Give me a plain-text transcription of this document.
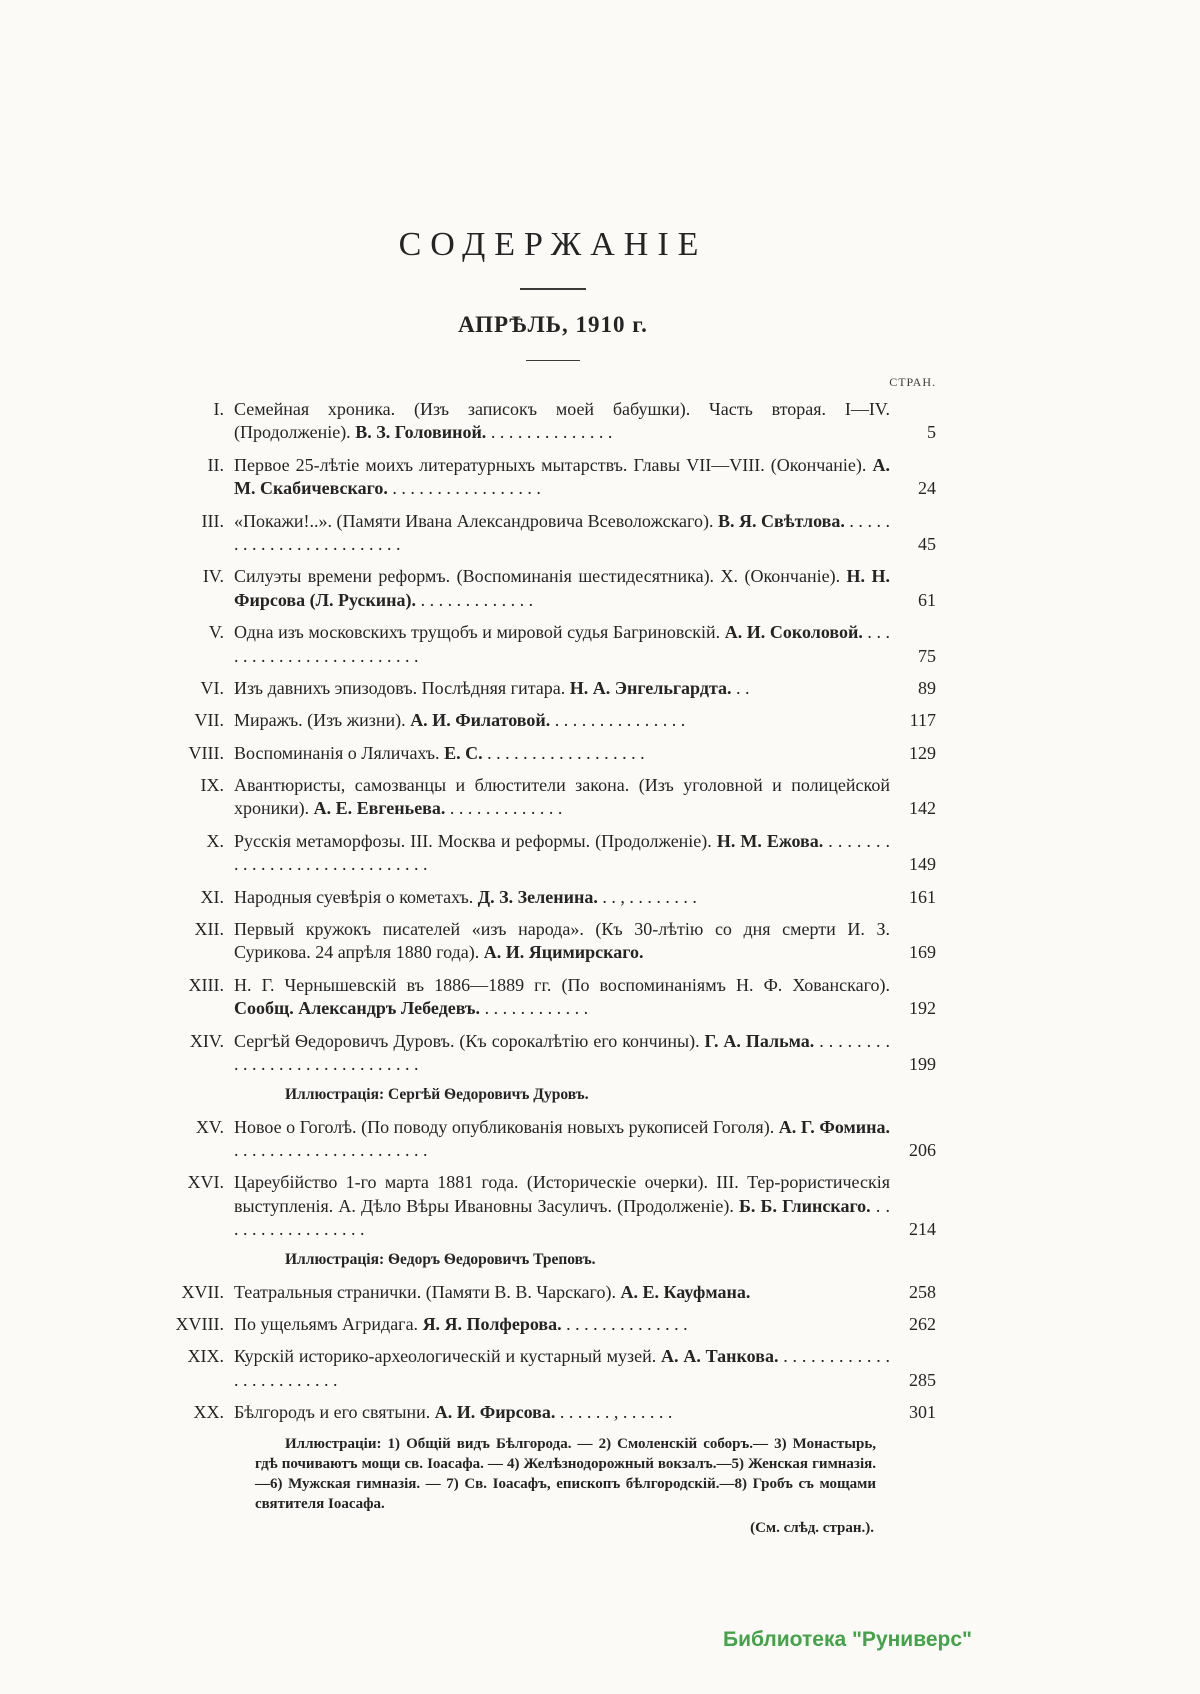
СОДЕРЖАНІЕ
АПРѢЛЬ, 1910 г.
СТРАН.
I. Семейная хроника. (Изъ записокъ моей бабушки). Часть вторая. I—IV. (Продолженіе). В. З. Головиной. . . . . . . . . . . . . . .	5
II. Первое 25-лѣтіе моихъ литературныхъ мытарствъ. Главы VII—VIII. (Окончаніе). А. М. Скабичевскаго. . . . . . . . . . . . . . . . . .	24
III. «Покажи!..». (Памяти Ивана Александровича Всеволожскаго). В. Я. Свѣтлова. . . . . . . . . . . . . . . . . . . . . . . . .	45
IV. Силуэты времени реформъ. (Воспоминанія шестидесятника). X. (Окончаніе). Н. Н. Фирсова (Л. Рускина). . . . . . . . . . . . . .	61
V. Одна изъ московскихъ трущобъ и мировой судья Багриновскій. А. И. Соколовой. . . . . . . . . . . . . . . . . . . . . . . . .	75
VI. Изъ давнихъ эпизодовъ. Послѣдняя гитара. Н. А. Энгельгардта. . .	89
VII. Миражъ. (Изъ жизни). А. И. Филатовой. . . . . . . . . . . . . . . .	117
VIII. Воспоминанія о Ляличахъ. Е. С. . . . . . . . . . . . . . . . . . .	129
IX. Авантюристы, самозванцы и блюстители закона. (Изъ уголовной и полицейской хроники). А. Е. Евгеньева. . . . . . . . . . . . . .	142
X. Русскія метаморфозы. III. Москва и реформы. (Продолженіе). Н. М. Ежова. . . . . . . . . . . . . . . . . . . . . . . . . . . . . .	149
XI. Народныя суевѣрія о кометахъ. Д. З. Зеленина. . . , . . . . . . . .	161
XII. Первый кружокъ писателей «изъ народа». (Къ 30-лѣтію со дня смерти И. З. Сурикова. 24 апрѣля 1880 года). А. И. Яцимирскаго.	169
XIII. Н. Г. Чернышевскій въ 1886—1889 гг. (По воспоминаніямъ Н. Ф. Хованскаго). Сообщ. Александръ Лебедевъ. . . . . . . . . . . . .	192
XIV. Сергѣй Ѳедоровичъ Дуровъ. (Къ сорокалѣтію его кончины). Г. А. Пальма. . . . . . . . . . . . . . . . . . . . . . . . . . . . . .	199
Иллюстрація: Сергѣй Ѳедоровичъ Дуровъ.
XV. Новое о Гоголѣ. (По поводу опубликованія новыхъ рукописей Гоголя). А. Г. Фомина. . . . . . . . . . . . . . . . . . . . . . .	206
XVI. Цареубійство 1-го марта 1881 года. (Историческіе очерки). III. Тер-рористическія выступленія. А. Дѣло Вѣры Ивановны Засуличъ. (Продолженіе). Б. Б. Глинскаго. . . . . . . . . . . . . . . . . .	214
Иллюстрація: Ѳедоръ Ѳедоровичъ Треповъ.
XVII. Театральныя странички. (Памяти В. В. Чарскаго). А. Е. Кауфмана.	258
XVIII. По ущельямъ Агридага. Я. Я. Полферова. . . . . . . . . . . . . . .	262
XIX. Курскій историко-археологическій и кустарный музей. А. А. Танкова. . . . . . . . . . . . . . . . . . . . . . . . .	285
XX. Бѣлгородъ и его святыни. А. И. Фирсова. . . . . . . , . . . . . .	301
Иллюстраціи: 1) Общій видъ Бѣлгорода. — 2) Смоленскій соборъ.— 3) Монастырь, гдѣ почиваютъ мощи св. Іоасафа. — 4) Желѣзнодорожный вокзалъ.—5) Женская гимназія.—6) Мужская гимназія. — 7) Св. Іоасафъ, епископъ бѣлгородскій.—8) Гробъ съ мощами святителя Іоасафа.
(См. слѣд. стран.).
Библиотека "Руниверс"
